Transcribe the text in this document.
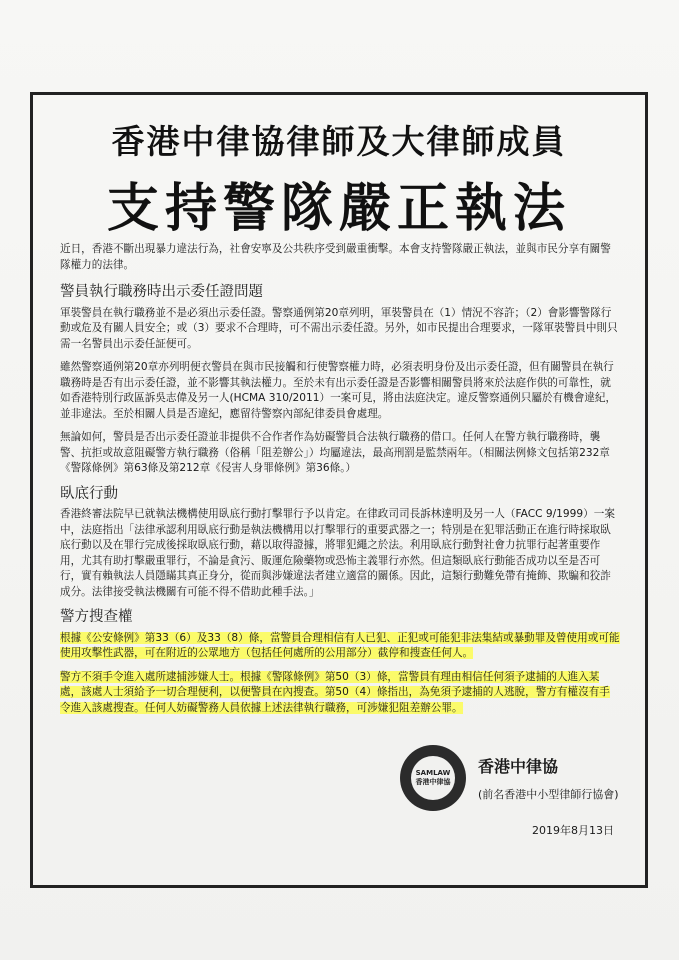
香港中律協律師及大律師成員
支持警隊嚴正執法

近日，香港不斷出現暴力違法行為，社會安寧及公共秩序受到嚴重衝擊。本會支持警隊嚴正執法，並與市民分享有關警隊權力的法律。

警員執行職務時出示委任證問題

軍裝警員在執行職務並不是必須出示委任證。警察通例第20章列明，軍裝警員在（1）情況不容許；（2）會影響警隊行動或危及有關人員安全；或（3）要求不合理時，可不需出示委任證。另外，如市民提出合理要求，一隊軍裝警員中則只需一名警員出示委任証便可。

雖然警察通例第20章亦列明便衣警員在與市民接觸和行使警察權力時，必須表明身份及出示委任證，但有關警員在執行職務時是否有出示委任證，並不影響其執法權力。至於未有出示委任證是否影響相關警員將來於法庭作供的可靠性，就如香港特別行政區訴吳志偉及另一人(HCMA 310/2011）一案可見，將由法庭決定。違反警察通例只屬於有機會違紀，並非違法。至於相關人員是否違紀，應留待警察內部紀律委員會處理。

無論如何，警員是否出示委任證並非提供不合作者作為妨礙警員合法執行職務的借口。任何人在警方執行職務時，襲警、抗拒或故意阻礙警方執行職務（俗稱「阻差辦公」）均屬違法，最高刑罰是監禁兩年。（相關法例條文包括第232章《警隊條例》第63條及第212章《侵害人身罪條例》第36條。）

臥底行動

香港終審法院早已就執法機構使用臥底行動打擊罪行予以肯定。在律政司司長訴林達明及另一人（FACC 9/1999）一案中，法庭指出「法律承認利用臥底行動是執法機構用以打擊罪行的重要武器之一；特別是在犯罪活動正在進行時採取臥底行動以及在罪行完成後採取臥底行動，藉以取得證據，將罪犯繩之於法。利用臥底行動對社會力抗罪行起著重要作用，尤其有助打擊嚴重罪行，不論是貪污、販運危險藥物或恐怖主義罪行亦然。但這類臥底行動能否成功以至是否可行，實有賴執法人員隱瞞其真正身分，從而與涉嫌違法者建立適當的關係。因此，這類行動難免帶有掩飾、欺騙和狡詐成分。法律接受執法機關有可能不得不借助此種手法。」

警方搜查權

根據《公安條例》第33（6）及33（8）條，當警員合理相信有人已犯、正犯或可能犯非法集結或暴動罪及曾使用或可能使用攻擊性武器，可在附近的公眾地方（包括任何處所的公用部分）截停和搜查任何人。

警方不須手令進入處所逮捕涉嫌人士。根據《警隊條例》第50（3）條，當警員有理由相信任何須予逮捕的人進入某處，該處人士須給予一切合理便利，以便警員在內搜查。第50（4）條指出，為免須予逮捕的人逃脫，警方有權沒有手令進入該處搜查。任何人妨礙警務人員依據上述法律執行職務，可涉嫌犯阻差辦公罪。

SAMLAW
香港中律協
香港中律協
(前名香港中小型律師行協會)
2019年8月13日
